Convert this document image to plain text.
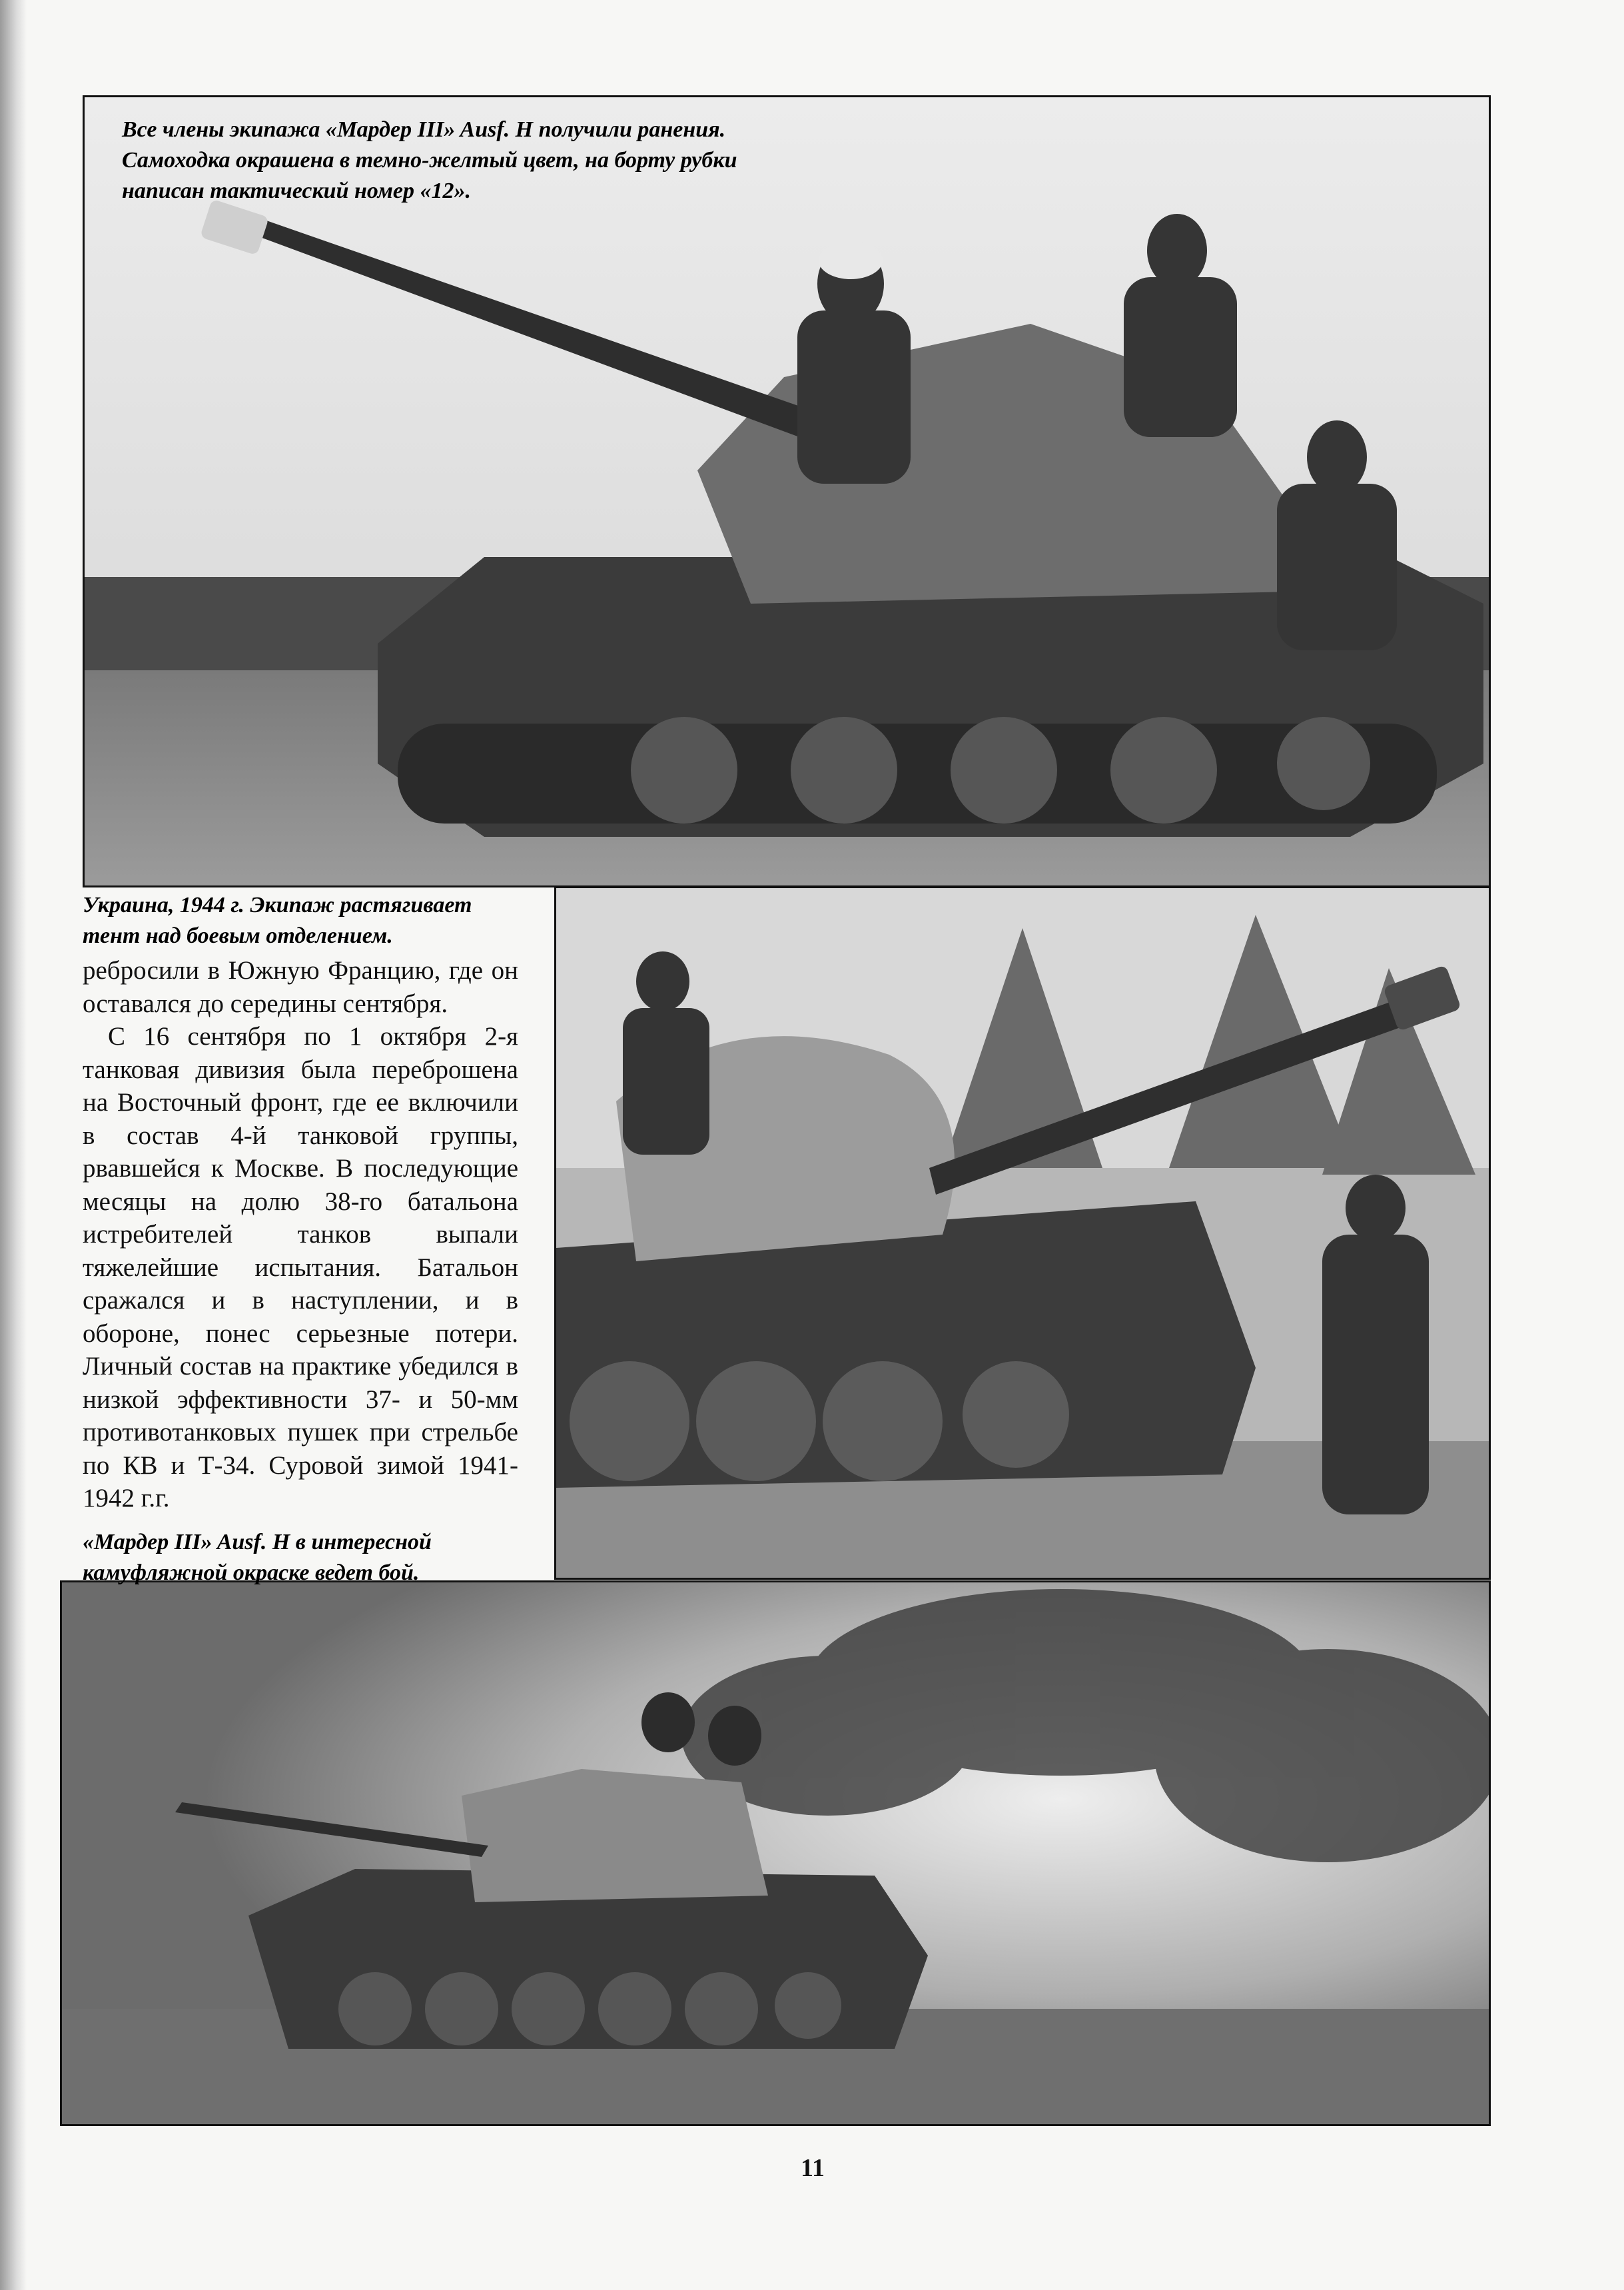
Все члены экипажа «Мардер III» Ausf. H получили ранения. Самоходка окрашена в темно-желтый цвет, на борту рубки написан тактический номер «12».
Украина, 1944 г. Экипаж растягивает тент над боевым отделением.

ребросили в Южную Францию, где он оставался до середины сентября.

С 16 сентября по 1 октября 2-я танковая дивизия была переброшена на Восточный фронт, где ее включили в состав 4-й танковой группы, рвавшейся к Москве. В последующие месяцы на долю 38-го батальона истребителей танков выпали тяжелейшие испытания. Батальон сражался и в наступлении, и в обороне, понес серьезные потери. Личный состав на практике убедился в низкой эффективности 37- и 50-мм противотанковых пушек при стрельбе по КВ и Т-34. Суровой зимой 1941-1942 г.г.

«Мардер III» Ausf. H в интересной камуфляжной окраске ведет бой.
11
